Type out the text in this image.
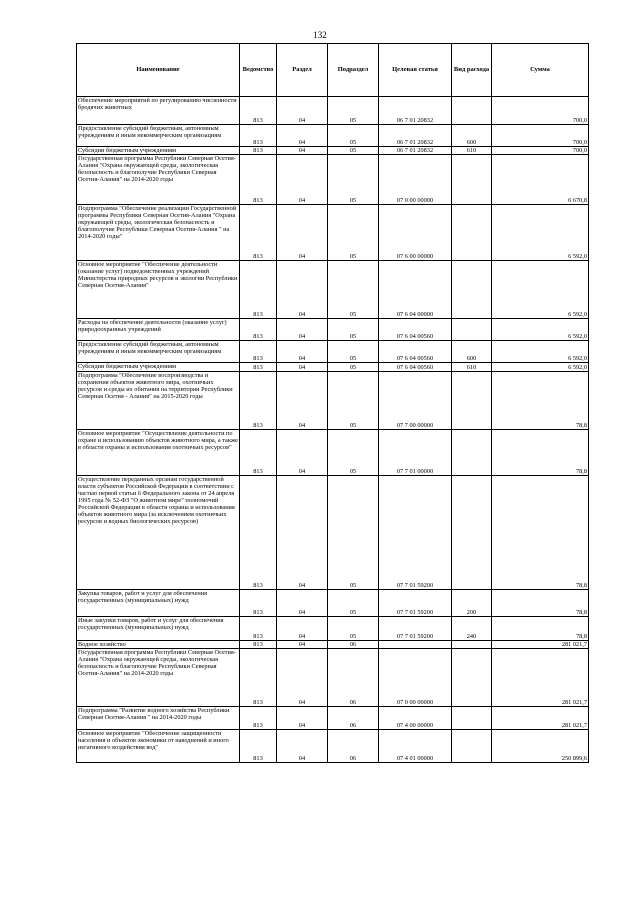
132
Наименование	Ведомство	Раздел	Подраздел	Целевая статья	Вид расхода	Сумма
Обеспечение мероприятий по регулированию численности бродячих животных	813	04	05	06 7 01 20832		700,0
Предоставление субсидий бюджетным, автономным учреждениям и иным некоммерческим организациям	813	04	05	06 7 01 20832	600	700,0
Субсидии бюджетным учреждениям	813	04	05	06 7 01 20832	610	700,0
Государственная программа Республики Северная Осетия-Алания "Охрана окружающей среды, экологическая безопасность и благополучие Республики Северная Осетия-Алания" на 2014-2020 годы	813	04	05	07 0 00 00000		6 670,8
Подпрограмма "Обеспечение реализации Государственной программы Республики Северная Осетия-Алания "Охрана окружающей среды, экологическая безопасность и благополучие Республики Северная Осетия-Алания " на 2014-2020 годы"	813	04	05	07 6 00 00000		6 592,0
Основное мероприятие "Обеспечение деятельности (оказание услуг) подведомственных учреждений Министерства природных ресурсов и экологии Республики Северная Осетия-Алания"	813	04	05	07 6 04 00000		6 592,0
Расходы на обеспечение деятельности (оказание услуг) природоохранных учреждений	813	04	05	07 6 04 00560		6 592,0
Предоставление субсидий бюджетным, автономным учреждениям и иным некоммерческим организациям	813	04	05	07 6 04 00560	600	6 592,0
Субсидии бюджетным учреждениям	813	04	05	07 6 04 00560	610	6 592,0
Подпрограмма "Обеспечение воспроизводства и сохранения объектов животного мира, охотничьих ресурсов и среды их обитания на территории Республики Северная Осетия - Алания" на 2015-2020 годы	813	04	05	07 7 00 00000		78,8
Основное мероприятие "Осуществление деятельности по охране и использованию объектов животного мира, а также в области охраны и использования охотничьих ресурсов"	813	04	05	07 7 01 00000		78,8
Осуществление переданных органам государственной власти субъектов Российской Федерации в соответствии с частью первой статьи 6 Федерального закона от 24 апреля 1995 года № 52-ФЗ "О животном мире" полномочий Российской Федерации в области охраны и использования объектов животного мира (за исключением охотничьих ресурсов и водных биологических ресурсов)	813	04	05	07 7 01 59200		78,8
Закупка товаров, работ и услуг для обеспечения государственных (муниципальных) нужд	813	04	05	07 7 01 59200	200	78,8
Иные закупки товаров, работ и услуг для обеспечения государственных (муниципальных) нужд	813	04	05	07 7 01 59200	240	78,8
Водное хозяйство	813	04	06			281 021,7
Государственная программа Республики Северная Осетия-Алания "Охрана окружающей среды, экологическая безопасность и благополучие Республики Северная Осетия-Алания" на 2014-2020 годы	813	04	06	07 0 00 00000		281 021,7
Подпрограмма "Развитие водного хозяйства Республики Северная Осетия-Алания " на 2014-2020 годы	813	04	06	07 4 00 00000		281 021,7
Основное мероприятие "Обеспечение защищенности населения и объектов экономики от наводнений и иного негативного воздействия вод"	813	04	06	07 4 01 00000		250 899,6
